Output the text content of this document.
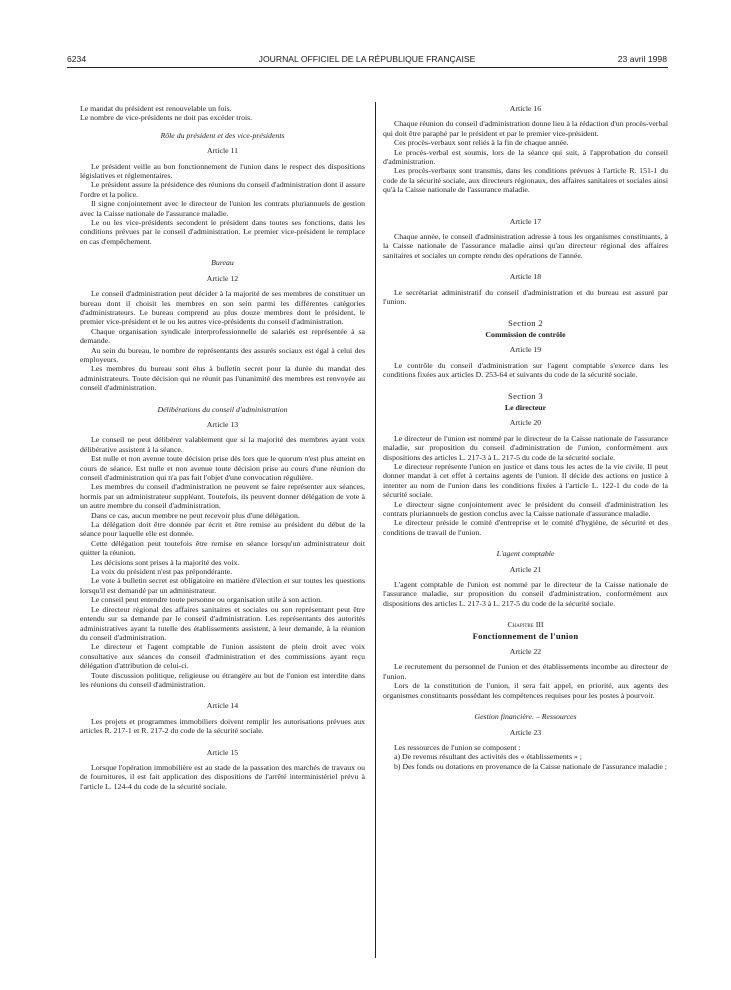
6234	JOURNAL OFFICIEL DE LA RÉPUBLIQUE FRANÇAISE	23 avril 1998

Le mandat du président est renouvelable un fois.

Le nombre de vice-présidents ne doit pas excéder trois.

Rôle du président et des vice-présidents
Article 11

Le président veille au bon fonctionnement de l'union dans le respect des dispositions législatives et réglementaires.

Le président assure la présidence des réunions du conseil d'administration dont il assure l'ordre et la police.

Il signe conjointement avec le directeur de l'union les contrats pluriannuels de gestion avec la Caisse nationale de l'assurance maladie.

Le ou les vice-présidents secondent le président dans toutes ses fonctions, dans les conditions prévues par le conseil d'administration. Le premier vice-président le remplace en cas d'empêchement.

Bureau
Article 12

Le conseil d'administration peut décider à la majorité de ses membres de constituer un bureau dont il choisit les membres en son sein parmi les différentes catégories d'administrateurs. Le bureau comprend au plus douze membres dont le président, le premier vice-président et le ou les autres vice-présidents du conseil d'administration.

Chaque organisation syndicale interprofessionnelle de salariés est représentée à sa demande.

Au sein du bureau, le nombre de représentants des assurés sociaux est égal à celui des employeurs.

Les membres du bureau sont élus à bulletin secret pour la durée du mandat des administrateurs. Toute décision qui ne réunit pas l'unanimité des membres est renvoyée au conseil d'administration.

Délibérations du conseil d'administration
Article 13

Le conseil ne peut délibérer valablement que si la majorité des membres ayant voix délibérative assistent à la séance.

Est nulle et non avenue toute décision prise dès lors que le quorum n'est plus atteint en cours de séance. Est nulle et non avenue toute décision prise au cours d'une réunion du conseil d'administration qui n'a pas fait l'objet d'une convocation régulière.

Les membres du conseil d'administration ne peuvent se faire représenter aux séances, hormis par un administrateur suppléant. Toutefois, ils peuvent donner délégation de vote à un autre membre du conseil d'administration.

Dans ce cas, aucun membre ne peut recevoir plus d'une délégation.

La délégation doit être donnée par écrit et être remise au président du début de la séance pour laquelle elle est donnée.

Cette délégation peut toutefois être remise en séance lorsqu'un administrateur doit quitter la réunion.

Les décisions sont prises à la majorité des voix.

La voix du président n'est pas prépondérante.

Le vote à bulletin secret est obligatoire en matière d'élection et sur toutes les questions lorsqu'il est demandé par un administrateur.

Le conseil peut entendre toute personne ou organisation utile à son action.

Le directeur régional des affaires sanitaires et sociales ou son représentant peut être entendu sur sa demande par le conseil d'administration. Les représentants des autorités administratives ayant la tutelle des établissements assistent, à leur demande, à la réunion du conseil d'administration.

Le directeur et l'agent comptable de l'union assistent de plein droit avec voix consultative aux séances du conseil d'administration et des commissions ayant reçu délégation d'attribution de celui-ci.

Toute discussion politique, religieuse ou étrangère au but de l'union est interdite dans les réunions du conseil d'administration.

Article 14

Les projets et programmes immobiliers doivent remplir les autorisations prévues aux articles R. 217-1 et R. 217-2 du code de la sécurité sociale.

Article 15

Lorsque l'opération immobilière est au stade de la passation des marchés de travaux ou de fournitures, il est fait application des dispositions de l'arrêté interministériel prévu à l'article L. 124-4 du code de la sécurité sociale.

Article 16

Chaque réunion du conseil d'administration donne lieu à la rédaction d'un procès-verbal qui doit être paraphé par le président et par le premier vice-président.

Ces procès-verbaux sont reliés à la fin de chaque année.

Le procès-verbal est soumis, lors de la séance qui suit, à l'approbation du conseil d'administration.

Les procès-verbaux sont transmis, dans les conditions prévues à l'article R. 151-1 du code de la sécurité sociale, aux directeurs régionaux, des affaires sanitaires et sociales ainsi qu'à la Caisse nationale de l'assurance maladie.

Article 17

Chaque année, le conseil d'administration adresse à tous les organismes constituants, à la Caisse nationale de l'assurance maladie ainsi qu'au directeur régional des affaires sanitaires et sociales un compte rendu des opérations de l'année.

Article 18

Le secrétariat administratif du conseil d'administration et du bureau est assuré par l'union.

Section 2
Commission de contrôle
Article 19

Le contrôle du conseil d'administration sur l'agent comptable s'exerce dans les conditions fixées aux articles D. 253-64 et suivants du code de la sécurité sociale.

Section 3
Le directeur
Article 20

Le directeur de l'union est nommé par le directeur de la Caisse nationale de l'assurance maladie, sur proposition du conseil d'administration de l'union, conformément aux dispositions des articles L. 217-3 à L. 217-5 du code de la sécurité sociale.

Le directeur représente l'union en justice et dans tous les actes de la vie civile. Il peut donner mandat à cet effet à certains agents de l'union. Il décide des actions en justice à intenter au nom de l'union dans les conditions fixées à l'article L. 122-1 du code de la sécurité sociale.

Le directeur signe conjointement avec le président du conseil d'administration les contrats pluriannuels de gestion conclus avec la Caisse nationale d'assurance maladie.

Le directeur préside le comité d'entreprise et le comité d'hygiène, de sécurité et des conditions de travail de l'union.

L'agent comptable
Article 21

L'agent comptable de l'union est nommé par le directeur de la Caisse nationale de l'assurance maladie, sur proposition du conseil d'administration, conformément aux dispositions des articles L. 217-3 à L. 217-5 du code de la sécurité sociale.

Chapitre III
Fonctionnement de l'union
Article 22

Le recrutement du personnel de l'union et des établissements incombe au directeur de l'union.

Lors de la constitution de l'union, il sera fait appel, en priorité, aux agents des organismes constituants possédant les compétences requises pour les postes à pourvoir.

Gestion financière. – Ressources
Article 23

Les ressources de l'union se composent :

a) De revenus résultant des activités des « établissements » ;

b) Des fonds ou dotations en provenance de la Caisse nationale de l'assurance maladie ;
